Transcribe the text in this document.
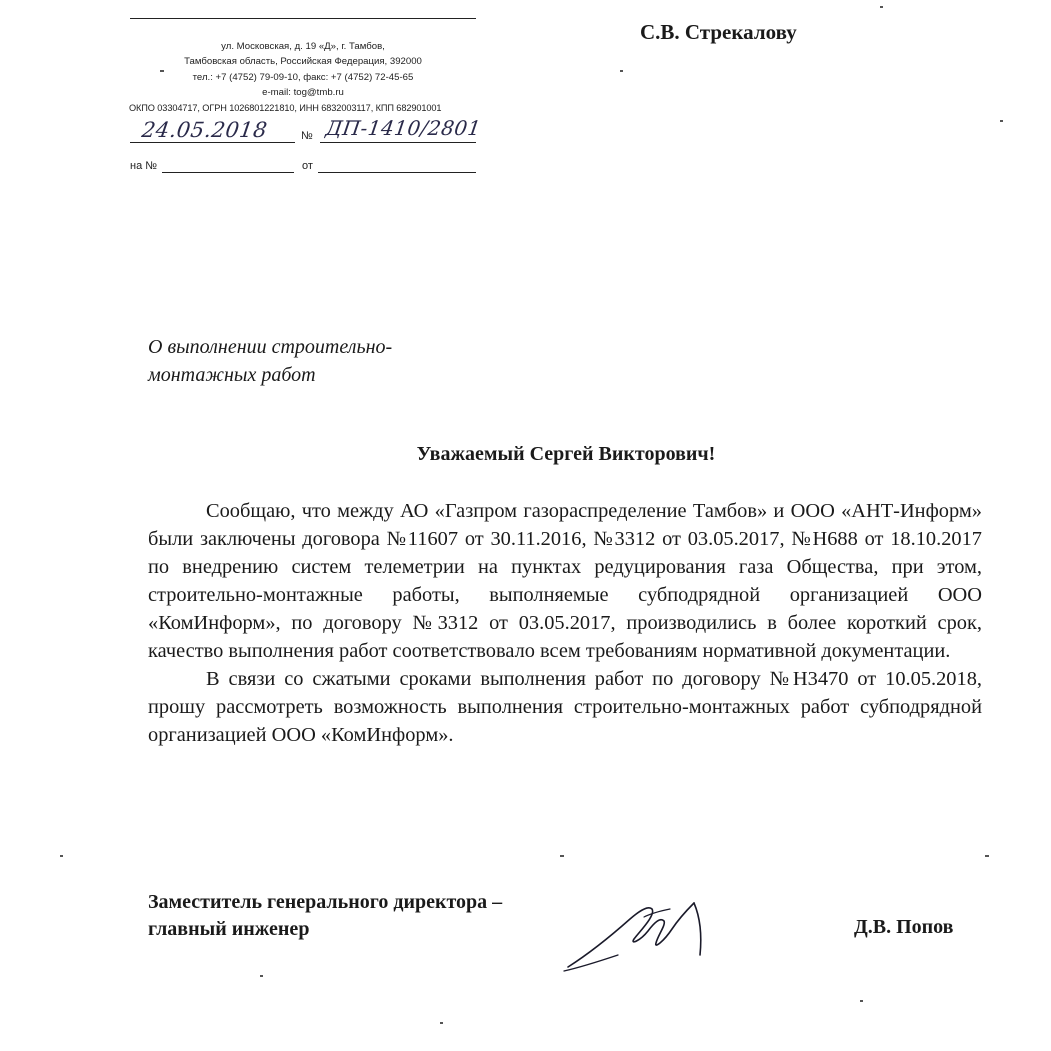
ул. Московская, д. 19 «Д», г. Тамбов,
Тамбовская область, Российская Федерация, 392000
тел.: +7 (4752) 79-09-10, факс: +7 (4752) 72-45-65
e-mail: tog@tmb.ru
ОКПО 03304717, ОГРН 1026801221810, ИНН 6832003117, КПП 682901001
24.05.2018	№ ДП-1410/2801
на №	от
С.В. Стрекалову
О выполнении строительно-
монтажных работ
Уважаемый Сергей Викторович!

Сообщаю, что между АО «Газпром газораспределение Тамбов» и ООО «АНТ-Информ» были заключены договора №11607 от 30.11.2016, №3312 от 03.05.2017, №Н688 от 18.10.2017 по внедрению систем телеметрии на пунктах редуцирования газа Общества, при этом, строительно-монтажные работы, выполняемые субподрядной организацией ООО «КомИнформ», по договору №3312 от 03.05.2017, производились в более короткий срок, качество выполнения работ соответствовало всем требованиям нормативной документации.

В связи со сжатыми сроками выполнения работ по договору №Н3470 от 10.05.2018, прошу рассмотреть возможность выполнения строительно-монтажных работ субподрядной организацией ООО «КомИнформ».

Заместитель генерального директора –
главный инженер	Д.В. Попов
